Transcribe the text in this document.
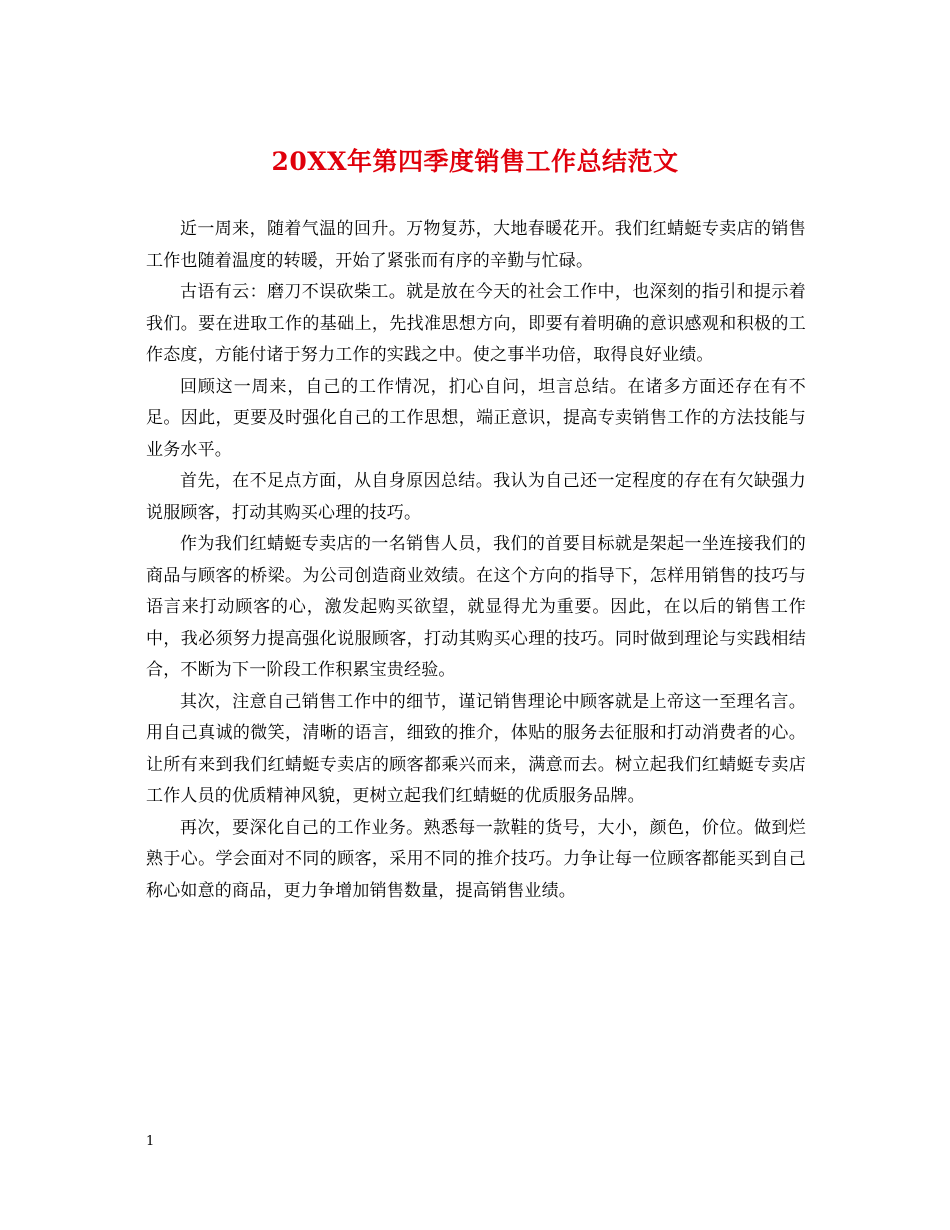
20XX年第四季度销售工作总结范文

近一周来，随着气温的回升。万物复苏，大地春暖花开。我们红蜻蜓专卖店的销售工作也随着温度的转暖，开始了紧张而有序的辛勤与忙碌。

古语有云：磨刀不误砍柴工。就是放在今天的社会工作中，也深刻的指引和提示着我们。要在进取工作的基础上，先找准思想方向，即要有着明确的意识感观和积极的工作态度，方能付诸于努力工作的实践之中。使之事半功倍，取得良好业绩。

回顾这一周来，自己的工作情况，扪心自问，坦言总结。在诸多方面还存在有不足。因此，更要及时强化自己的工作思想，端正意识，提高专卖销售工作的方法技能与业务水平。

首先，在不足点方面，从自身原因总结。我认为自己还一定程度的存在有欠缺强力说服顾客，打动其购买心理的技巧。

作为我们红蜻蜓专卖店的一名销售人员，我们的首要目标就是架起一坐连接我们的商品与顾客的桥梁。为公司创造商业效绩。在这个方向的指导下，怎样用销售的技巧与语言来打动顾客的心，激发起购买欲望，就显得尤为重要。因此，在以后的销售工作中，我必须努力提高强化说服顾客，打动其购买心理的技巧。同时做到理论与实践相结合，不断为下一阶段工作积累宝贵经验。

其次，注意自己销售工作中的细节，谨记销售理论中顾客就是上帝这一至理名言。用自己真诚的微笑，清晰的语言，细致的推介，体贴的服务去征服和打动消费者的心。让所有来到我们红蜻蜓专卖店的顾客都乘兴而来，满意而去。树立起我们红蜻蜓专卖店工作人员的优质精神风貌，更树立起我们红蜻蜓的优质服务品牌。

再次，要深化自己的工作业务。熟悉每一款鞋的货号，大小，颜色，价位。做到烂熟于心。学会面对不同的顾客，采用不同的推介技巧。力争让每一位顾客都能买到自己称心如意的商品，更力争增加销售数量，提高销售业绩。

1
